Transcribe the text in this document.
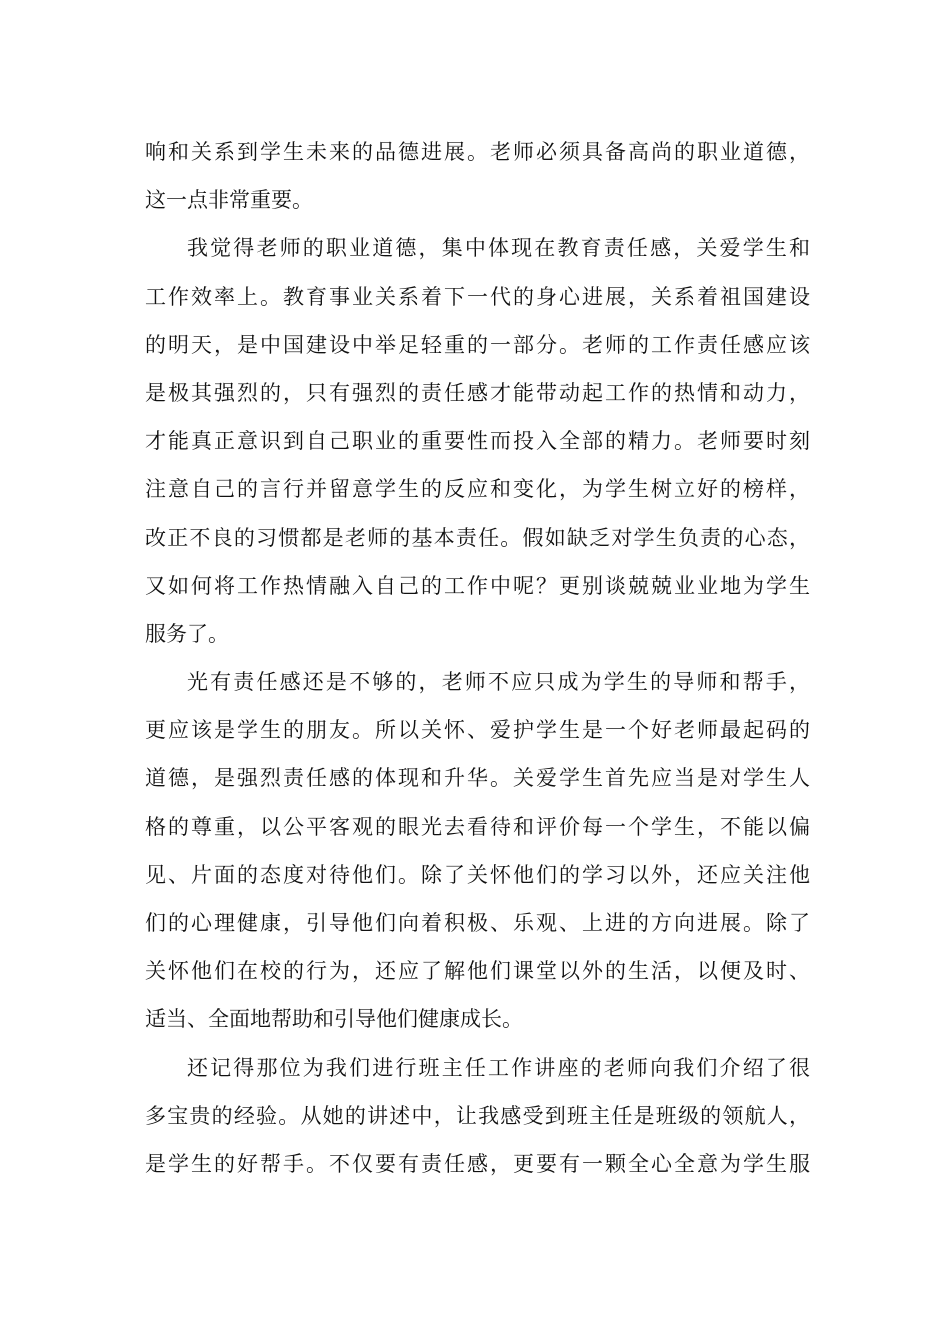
响和关系到学生未来的品德进展。老师必须具备高尚的职业道德，
这一点非常重要。
我觉得老师的职业道德，集中体现在教育责任感，关爱学生和
工作效率上。教育事业关系着下一代的身心进展，关系着祖国建设
的明天，是中国建设中举足轻重的一部分。老师的工作责任感应该
是极其强烈的，只有强烈的责任感才能带动起工作的热情和动力，
才能真正意识到自己职业的重要性而投入全部的精力。老师要时刻
注意自己的言行并留意学生的反应和变化，为学生树立好的榜样，
改正不良的习惯都是老师的基本责任。假如缺乏对学生负责的心态，
又如何将工作热情融入自己的工作中呢？更别谈兢兢业业地为学生
服务了。
光有责任感还是不够的，老师不应只成为学生的导师和帮手，
更应该是学生的朋友。所以关怀、爱护学生是一个好老师最起码的
道德，是强烈责任感的体现和升华。关爱学生首先应当是对学生人
格的尊重，以公平客观的眼光去看待和评价每一个学生，不能以偏
见、片面的态度对待他们。除了关怀他们的学习以外，还应关注他
们的心理健康，引导他们向着积极、乐观、上进的方向进展。除了
关怀他们在校的行为，还应了解他们课堂以外的生活，以便及时、
适当、全面地帮助和引导他们健康成长。
还记得那位为我们进行班主任工作讲座的老师向我们介绍了很
多宝贵的经验。从她的讲述中，让我感受到班主任是班级的领航人，
是学生的好帮手。不仅要有责任感，更要有一颗全心全意为学生服
